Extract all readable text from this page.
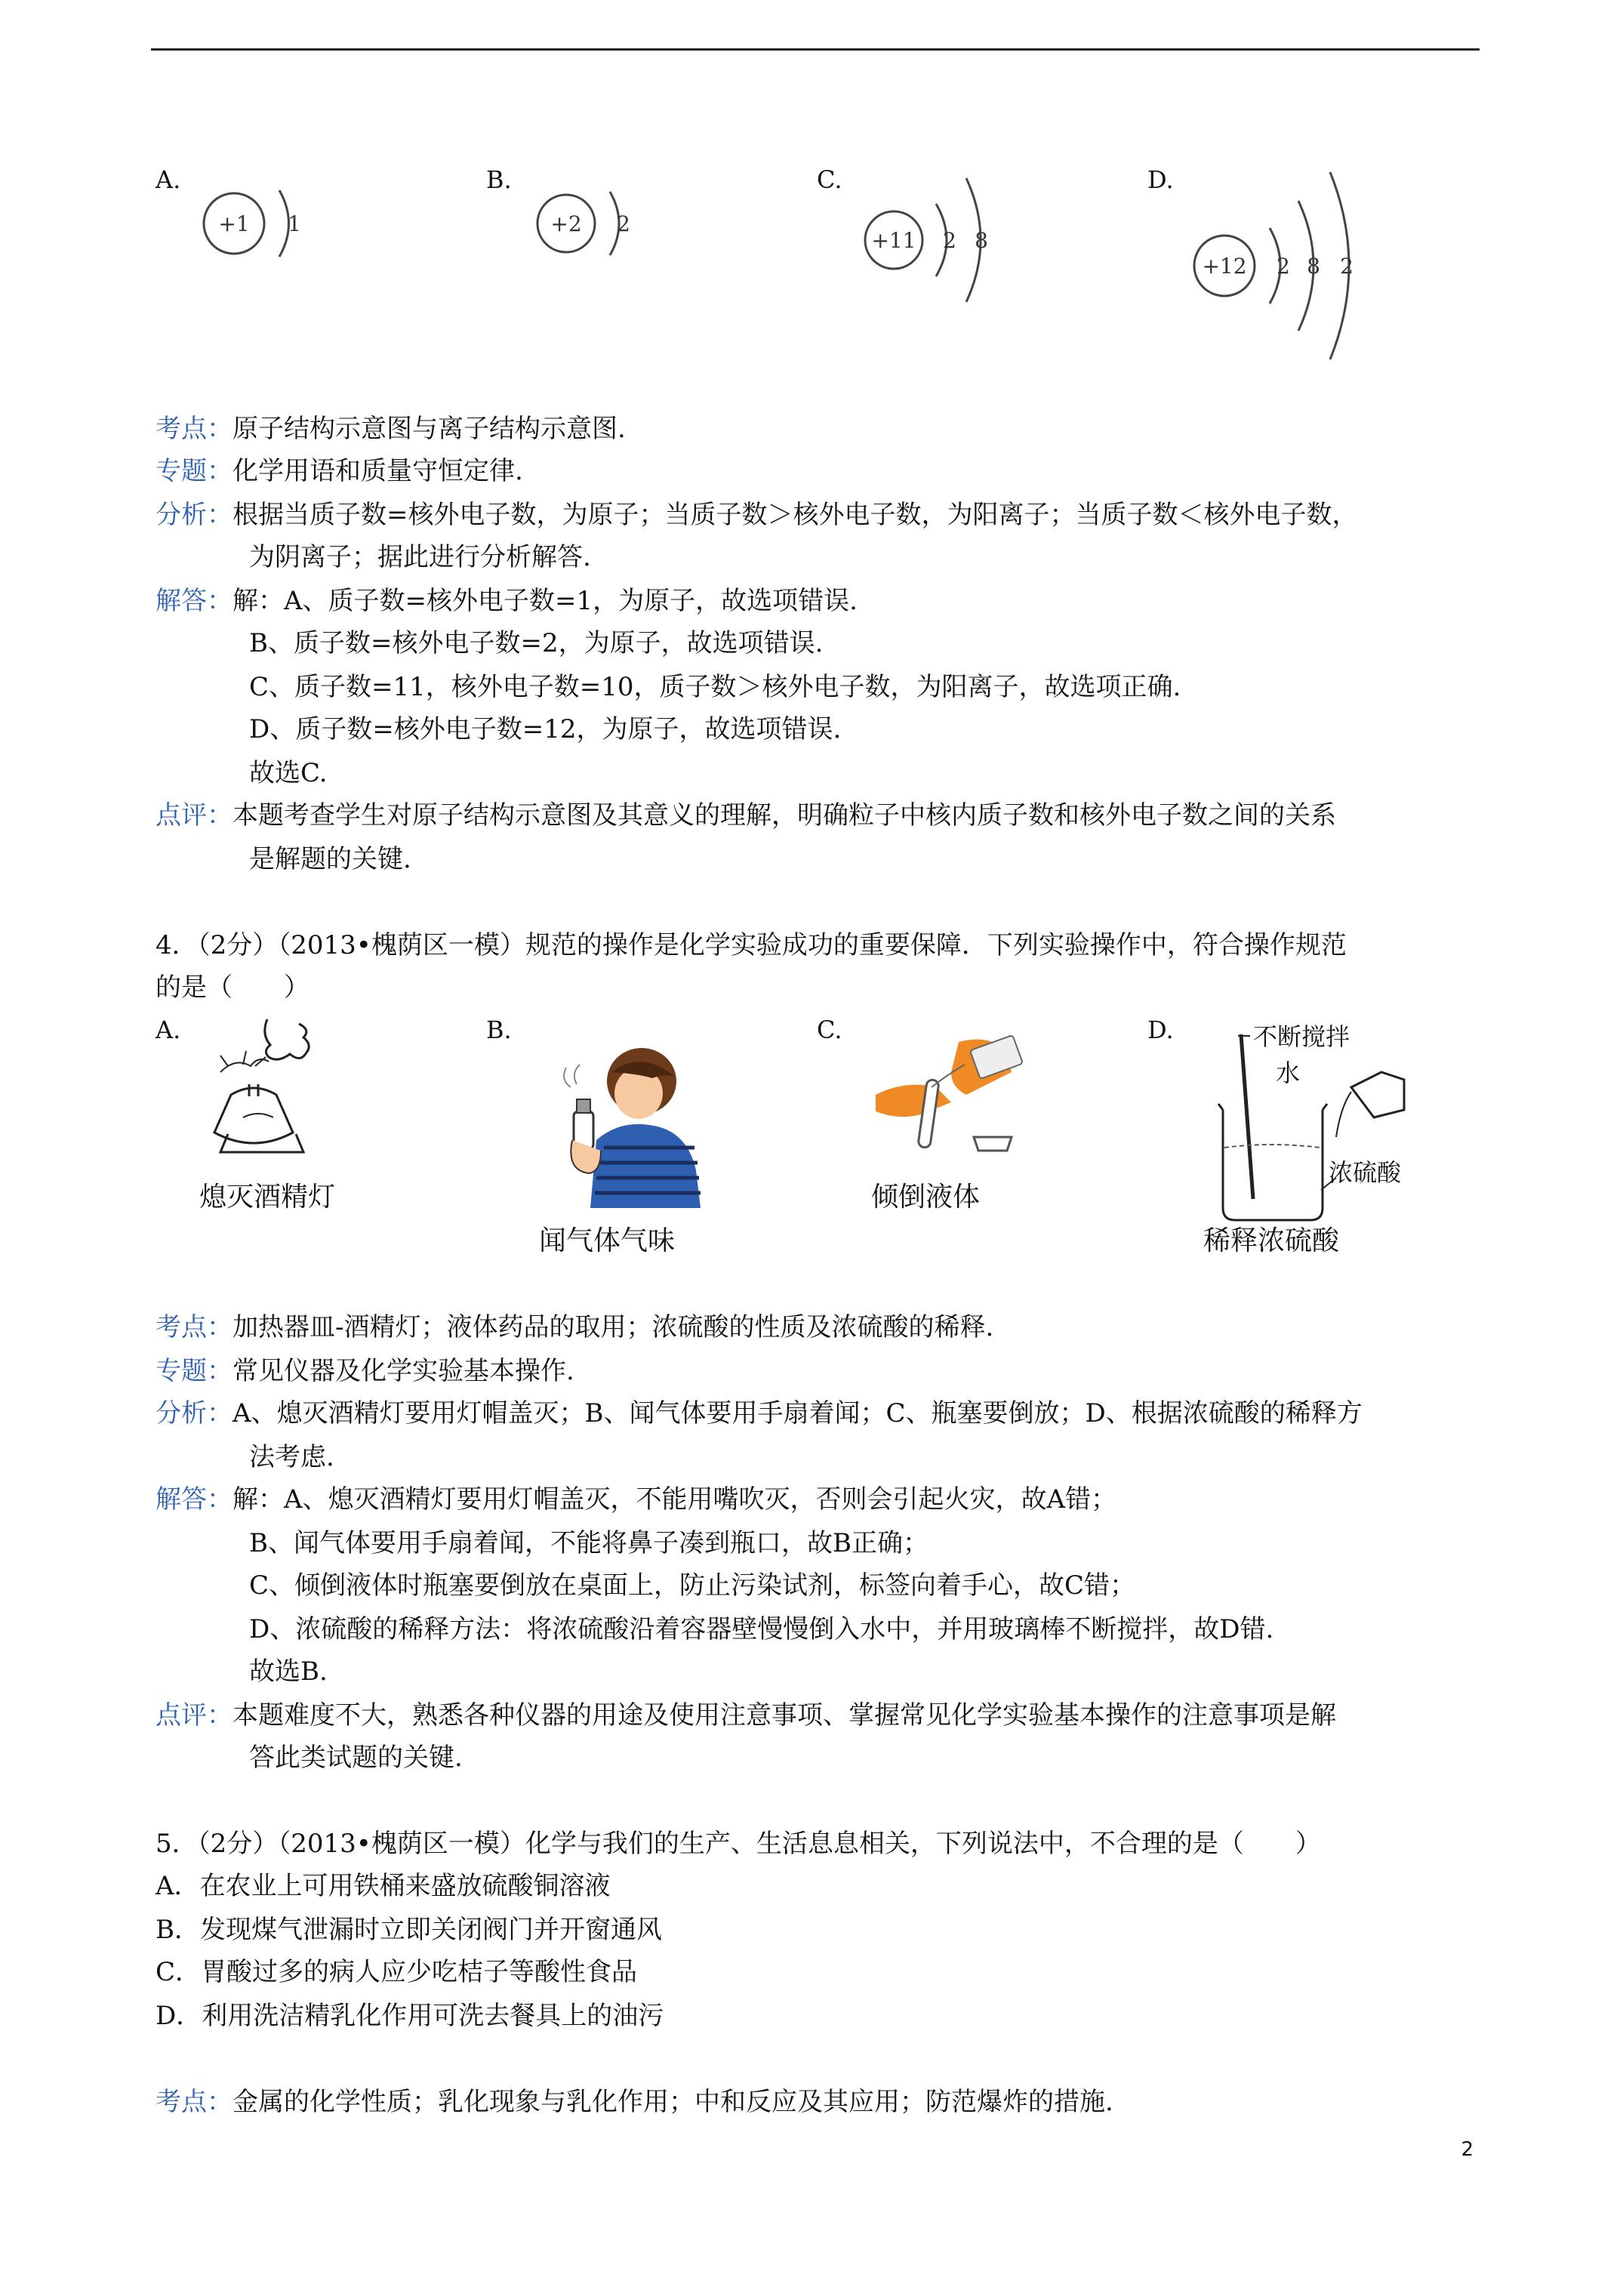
A.	B.	C.	D.
+1 1	+2 2
+11 2 8
+12 2 8 2
考点：原子结构示意图与离子结构示意图.
专题：化学用语和质量守恒定律.
分析：根据当质子数=核外电子数，为原子；当质子数＞核外电子数，为阳离子；当质子数＜核外电子数，
为阴离子；据此进行分析解答.
解答：解：A、质子数=核外电子数=1，为原子，故选项错误.
B、质子数=核外电子数=2，为原子，故选项错误.
C、质子数=11，核外电子数=10，质子数＞核外电子数，为阳离子，故选项正确.
D、质子数=核外电子数=12，为原子，故选项错误.
故选C.
点评：本题考查学生对原子结构示意图及其意义的理解，明确粒子中核内质子数和核外电子数之间的关系
是解题的关键.
4．（2分）（2013•槐荫区一模）规范的操作是化学实验成功的重要保障．下列实验操作中，符合操作规范
的是（　　）
A.	B.	C.	D.
熄灭酒精灯
闻气体气味
倾倒液体
不断搅拌
水
浓硫酸
稀释浓硫酸
考点：加热器皿-酒精灯；液体药品的取用；浓硫酸的性质及浓硫酸的稀释.
专题：常见仪器及化学实验基本操作.
分析：A、熄灭酒精灯要用灯帽盖灭；B、闻气体要用手扇着闻；C、瓶塞要倒放；D、根据浓硫酸的稀释方
法考虑.
解答：解：A、熄灭酒精灯要用灯帽盖灭，不能用嘴吹灭，否则会引起火灾，故A错；
B、闻气体要用手扇着闻，不能将鼻子凑到瓶口，故B正确；
C、倾倒液体时瓶塞要倒放在桌面上，防止污染试剂，标签向着手心，故C错；
D、浓硫酸的稀释方法：将浓硫酸沿着容器壁慢慢倒入水中，并用玻璃棒不断搅拌，故D错.
故选B.
点评：本题难度不大，熟悉各种仪器的用途及使用注意事项、掌握常见化学实验基本操作的注意事项是解
答此类试题的关键.
5．（2分）（2013•槐荫区一模）化学与我们的生产、生活息息相关，下列说法中，不合理的是（　　）
A．在农业上可用铁桶来盛放硫酸铜溶液
B．发现煤气泄漏时立即关闭阀门并开窗通风
C．胃酸过多的病人应少吃桔子等酸性食品
D．利用洗洁精乳化作用可洗去餐具上的油污
考点：金属的化学性质；乳化现象与乳化作用；中和反应及其应用；防范爆炸的措施.
2
